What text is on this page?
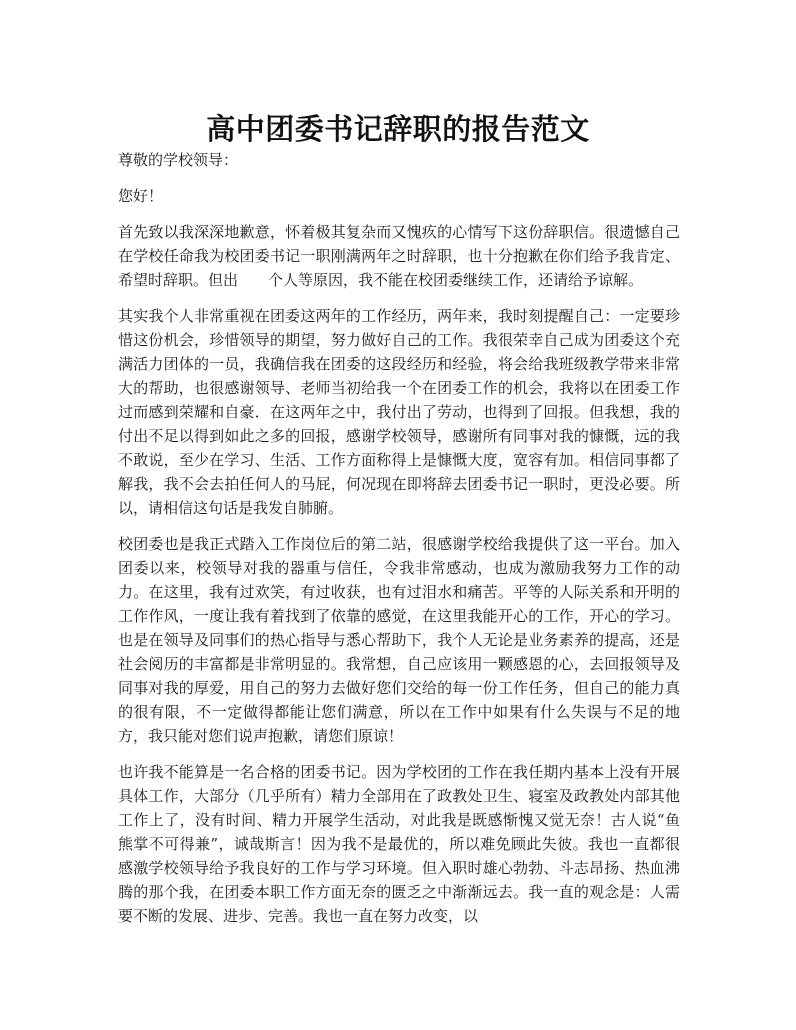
高中团委书记辞职的报告范文

尊敬的学校领导：

您好！

首先致以我深深地歉意，怀着极其复杂而又愧疚的心情写下这份辞职信。很遗憾自己在学校任命我为校团委书记一职刚满两年之时辞职，也十分抱歉在你们给予我肯定、希望时辞职。但出　　个人等原因，我不能在校团委继续工作，还请给予谅解。

其实我个人非常重视在团委这两年的工作经历，两年来，我时刻提醒自己：一定要珍惜这份机会，珍惜领导的期望，努力做好自己的工作。我很荣幸自己成为团委这个充满活力团体的一员，我确信我在团委的这段经历和经验，将会给我班级教学带来非常大的帮助，也很感谢领导、老师当初给我一个在团委工作的机会，我将以在团委工作过而感到荣耀和自豪．在这两年之中，我付出了劳动，也得到了回报。但我想，我的付出不足以得到如此之多的回报，感谢学校领导，感谢所有同事对我的慷慨，远的我不敢说，至少在学习、生活、工作方面称得上是慷慨大度，宽容有加。相信同事都了解我，我不会去拍任何人的马屁，何况现在即将辞去团委书记一职时，更没必要。所以，请相信这句话是我发自肺腑。

校团委也是我正式踏入工作岗位后的第二站，很感谢学校给我提供了这一平台。加入团委以来，校领导对我的器重与信任，令我非常感动，也成为激励我努力工作的动力。在这里，我有过欢笑，有过收获，也有过泪水和痛苦。平等的人际关系和开明的工作作风，一度让我有着找到了依靠的感觉，在这里我能开心的工作，开心的学习。也是在领导及同事们的热心指导与悉心帮助下，我个人无论是业务素养的提高，还是社会阅历的丰富都是非常明显的。我常想，自己应该用一颗感恩的心，去回报领导及同事对我的厚爱，用自己的努力去做好您们交给的每一份工作任务，但自己的能力真的很有限，不一定做得都能让您们满意，所以在工作中如果有什么失误与不足的地方，我只能对您们说声抱歉，请您们原谅！

也许我不能算是一名合格的团委书记。因为学校团的工作在我任期内基本上没有开展具体工作，大部分（几乎所有）精力全部用在了政教处卫生、寝室及政教处内部其他工作上了，没有时间、精力开展学生活动，对此我是既感惭愧又觉无奈！古人说“鱼　　　熊掌不可得兼”，诚哉斯言！因为我不是最优的，所以难免顾此失彼。我也一直都很感激学校领导给予我良好的工作与学习环境。但入职时雄心勃勃、斗志昂扬、热血沸腾的那个我，在团委本职工作方面无奈的匮乏之中渐渐远去。我一直的观念是：人需要不断的发展、进步、完善。我也一直在努力改变，以
